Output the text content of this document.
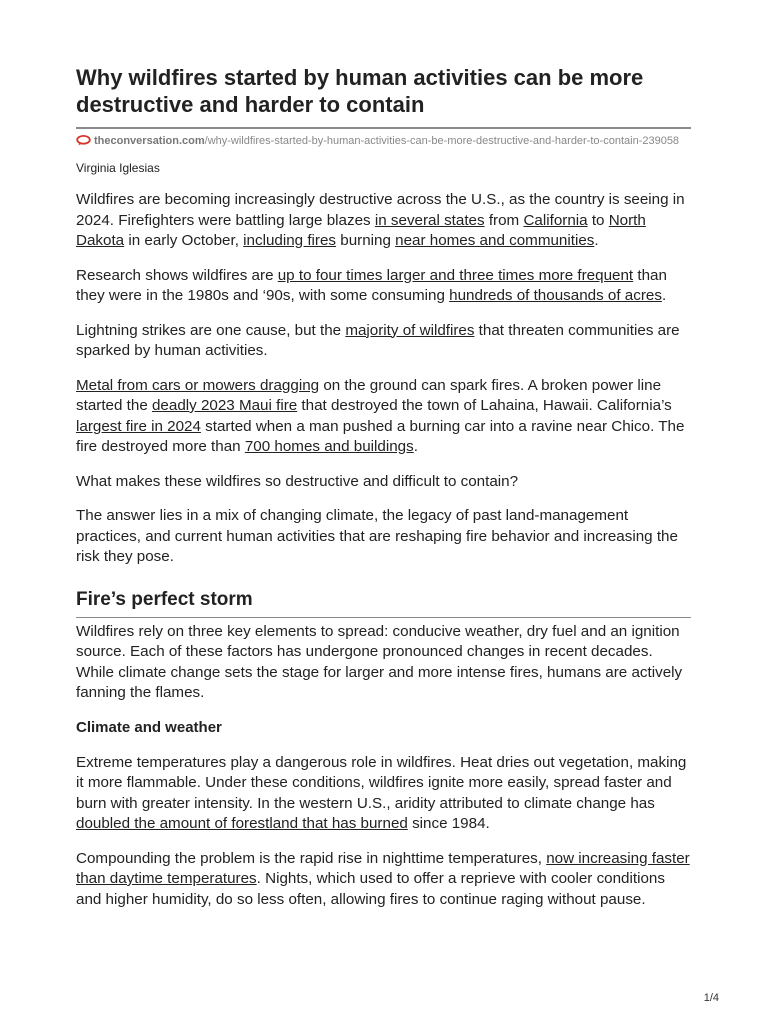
Why wildfires started by human activities can be more destructive and harder to contain
theconversation.com/why-wildfires-started-by-human-activities-can-be-more-destructive-and-harder-to-contain-239058
Virginia Iglesias

Wildfires are becoming increasingly destructive across the U.S., as the country is seeing in 2024. Firefighters were battling large blazes in several states from California to North Dakota in early October, including fires burning near homes and communities.

Research shows wildfires are up to four times larger and three times more frequent than they were in the 1980s and ‘90s, with some consuming hundreds of thousands of acres.

Lightning strikes are one cause, but the majority of wildfires that threaten communities are sparked by human activities.

Metal from cars or mowers dragging on the ground can spark fires. A broken power line started the deadly 2023 Maui fire that destroyed the town of Lahaina, Hawaii. California’s largest fire in 2024 started when a man pushed a burning car into a ravine near Chico. The fire destroyed more than 700 homes and buildings.

What makes these wildfires so destructive and difficult to contain?

The answer lies in a mix of changing climate, the legacy of past land-management practices, and current human activities that are reshaping fire behavior and increasing the risk they pose.

Fire’s perfect storm

Wildfires rely on three key elements to spread: conducive weather, dry fuel and an ignition source. Each of these factors has undergone pronounced changes in recent decades. While climate change sets the stage for larger and more intense fires, humans are actively fanning the flames.

Climate and weather

Extreme temperatures play a dangerous role in wildfires. Heat dries out vegetation, making it more flammable. Under these conditions, wildfires ignite more easily, spread faster and burn with greater intensity. In the western U.S., aridity attributed to climate change has doubled the amount of forestland that has burned since 1984.

Compounding the problem is the rapid rise in nighttime temperatures, now increasing faster than daytime temperatures. Nights, which used to offer a reprieve with cooler conditions and higher humidity, do so less often, allowing fires to continue raging without pause.

1/4
